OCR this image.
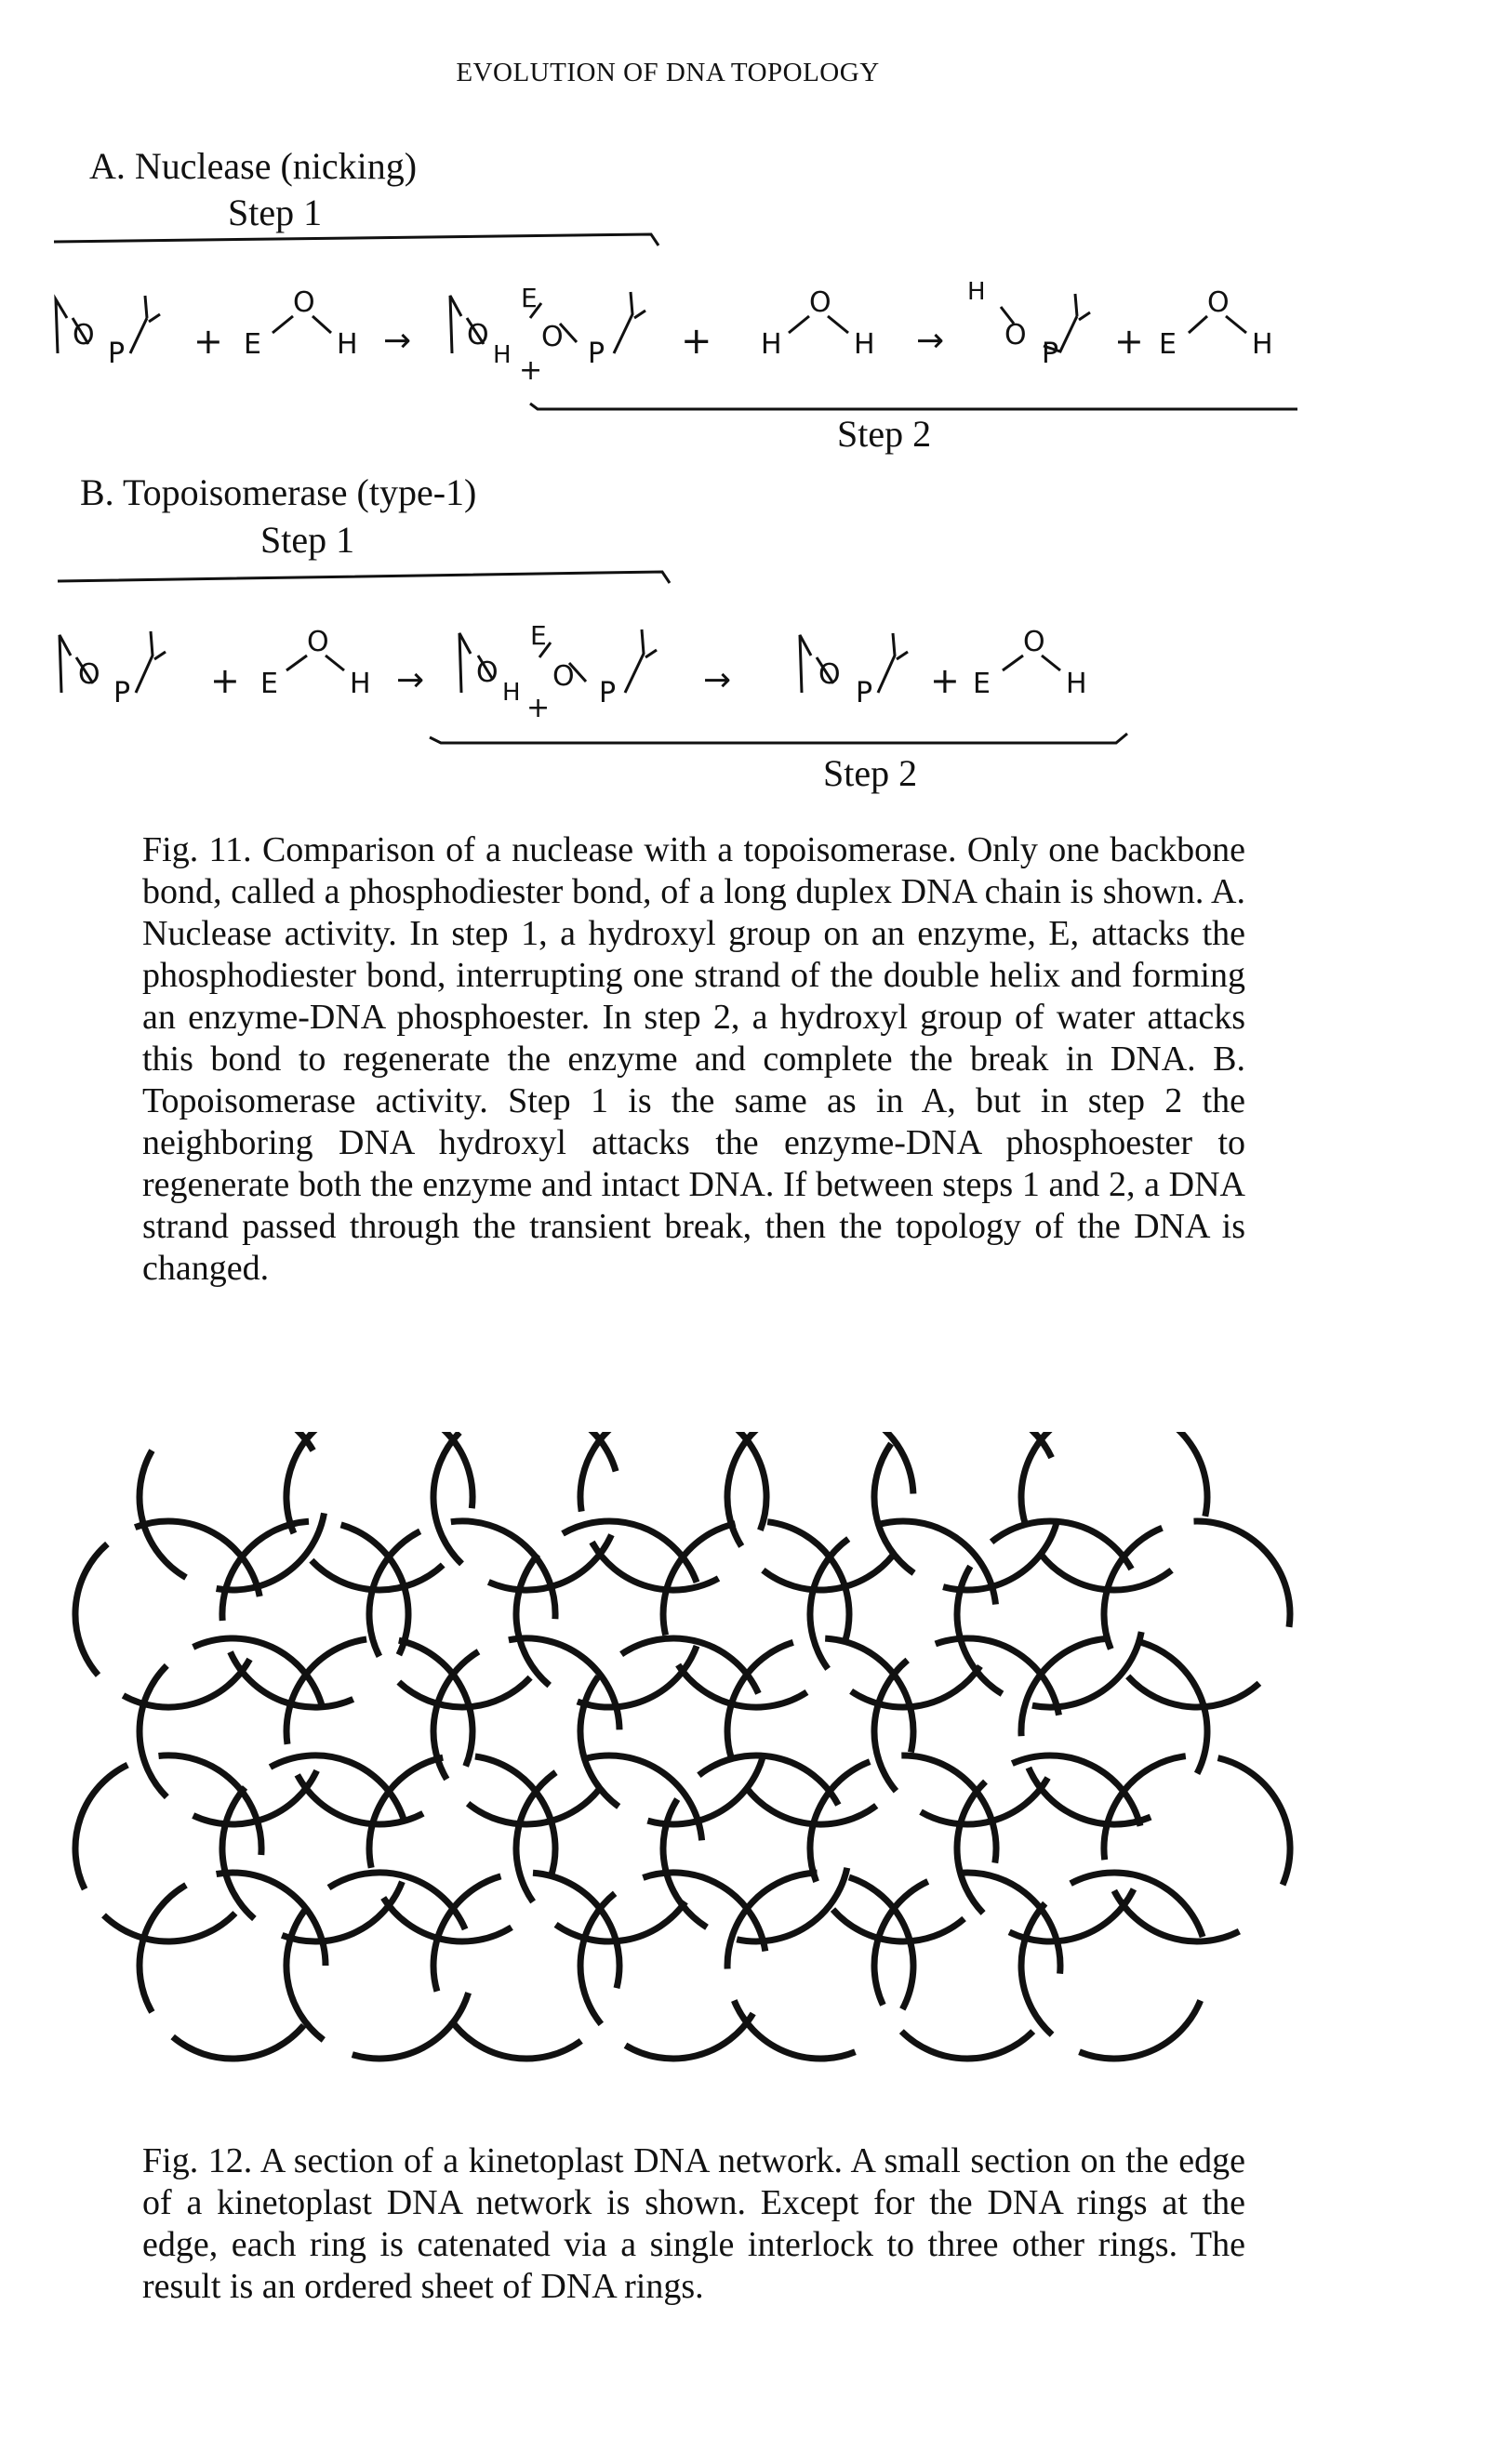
EVOLUTION OF DNA TOPOLOGY
A. Nuclease (nicking)
Step 1
Step 2
O
P + E
O
H → O
H
E
+
O
P + H
O
H →
H
O
P + E
O
H
B. Topoisomerase (type-1)
Step 1
Step 2
O
P + E
O
H → O
H
E
+
O
P	→	O
P + E
O
H

Fig. 11. Comparison of a nuclease with a topoisomerase. Only one backbone bond, called a phosphodiester bond, of a long duplex DNA chain is shown. A. Nuclease activity. In step 1, a hydroxyl group on an enzyme, E, attacks the phosphodiester bond, interrupting one strand of the double helix and forming an enzyme-DNA phosphoester. In step 2, a hydroxyl group of water attacks this bond to regenerate the enzyme and complete the break in DNA. B. Topoisomerase activity. Step 1 is the same as in A, but in step 2 the neighboring DNA hydroxyl attacks the enzyme-DNA phosphoester to regenerate both the enzyme and intact DNA. If between steps 1 and 2, a DNA strand passed through the transient break, then the topology of the DNA is changed.

Fig. 12. A section of a kinetoplast DNA network. A small section on the edge of a kinetoplast DNA network is shown. Except for the DNA rings at the edge, each ring is catenated via a single interlock to three other rings. The result is an ordered sheet of DNA rings.
